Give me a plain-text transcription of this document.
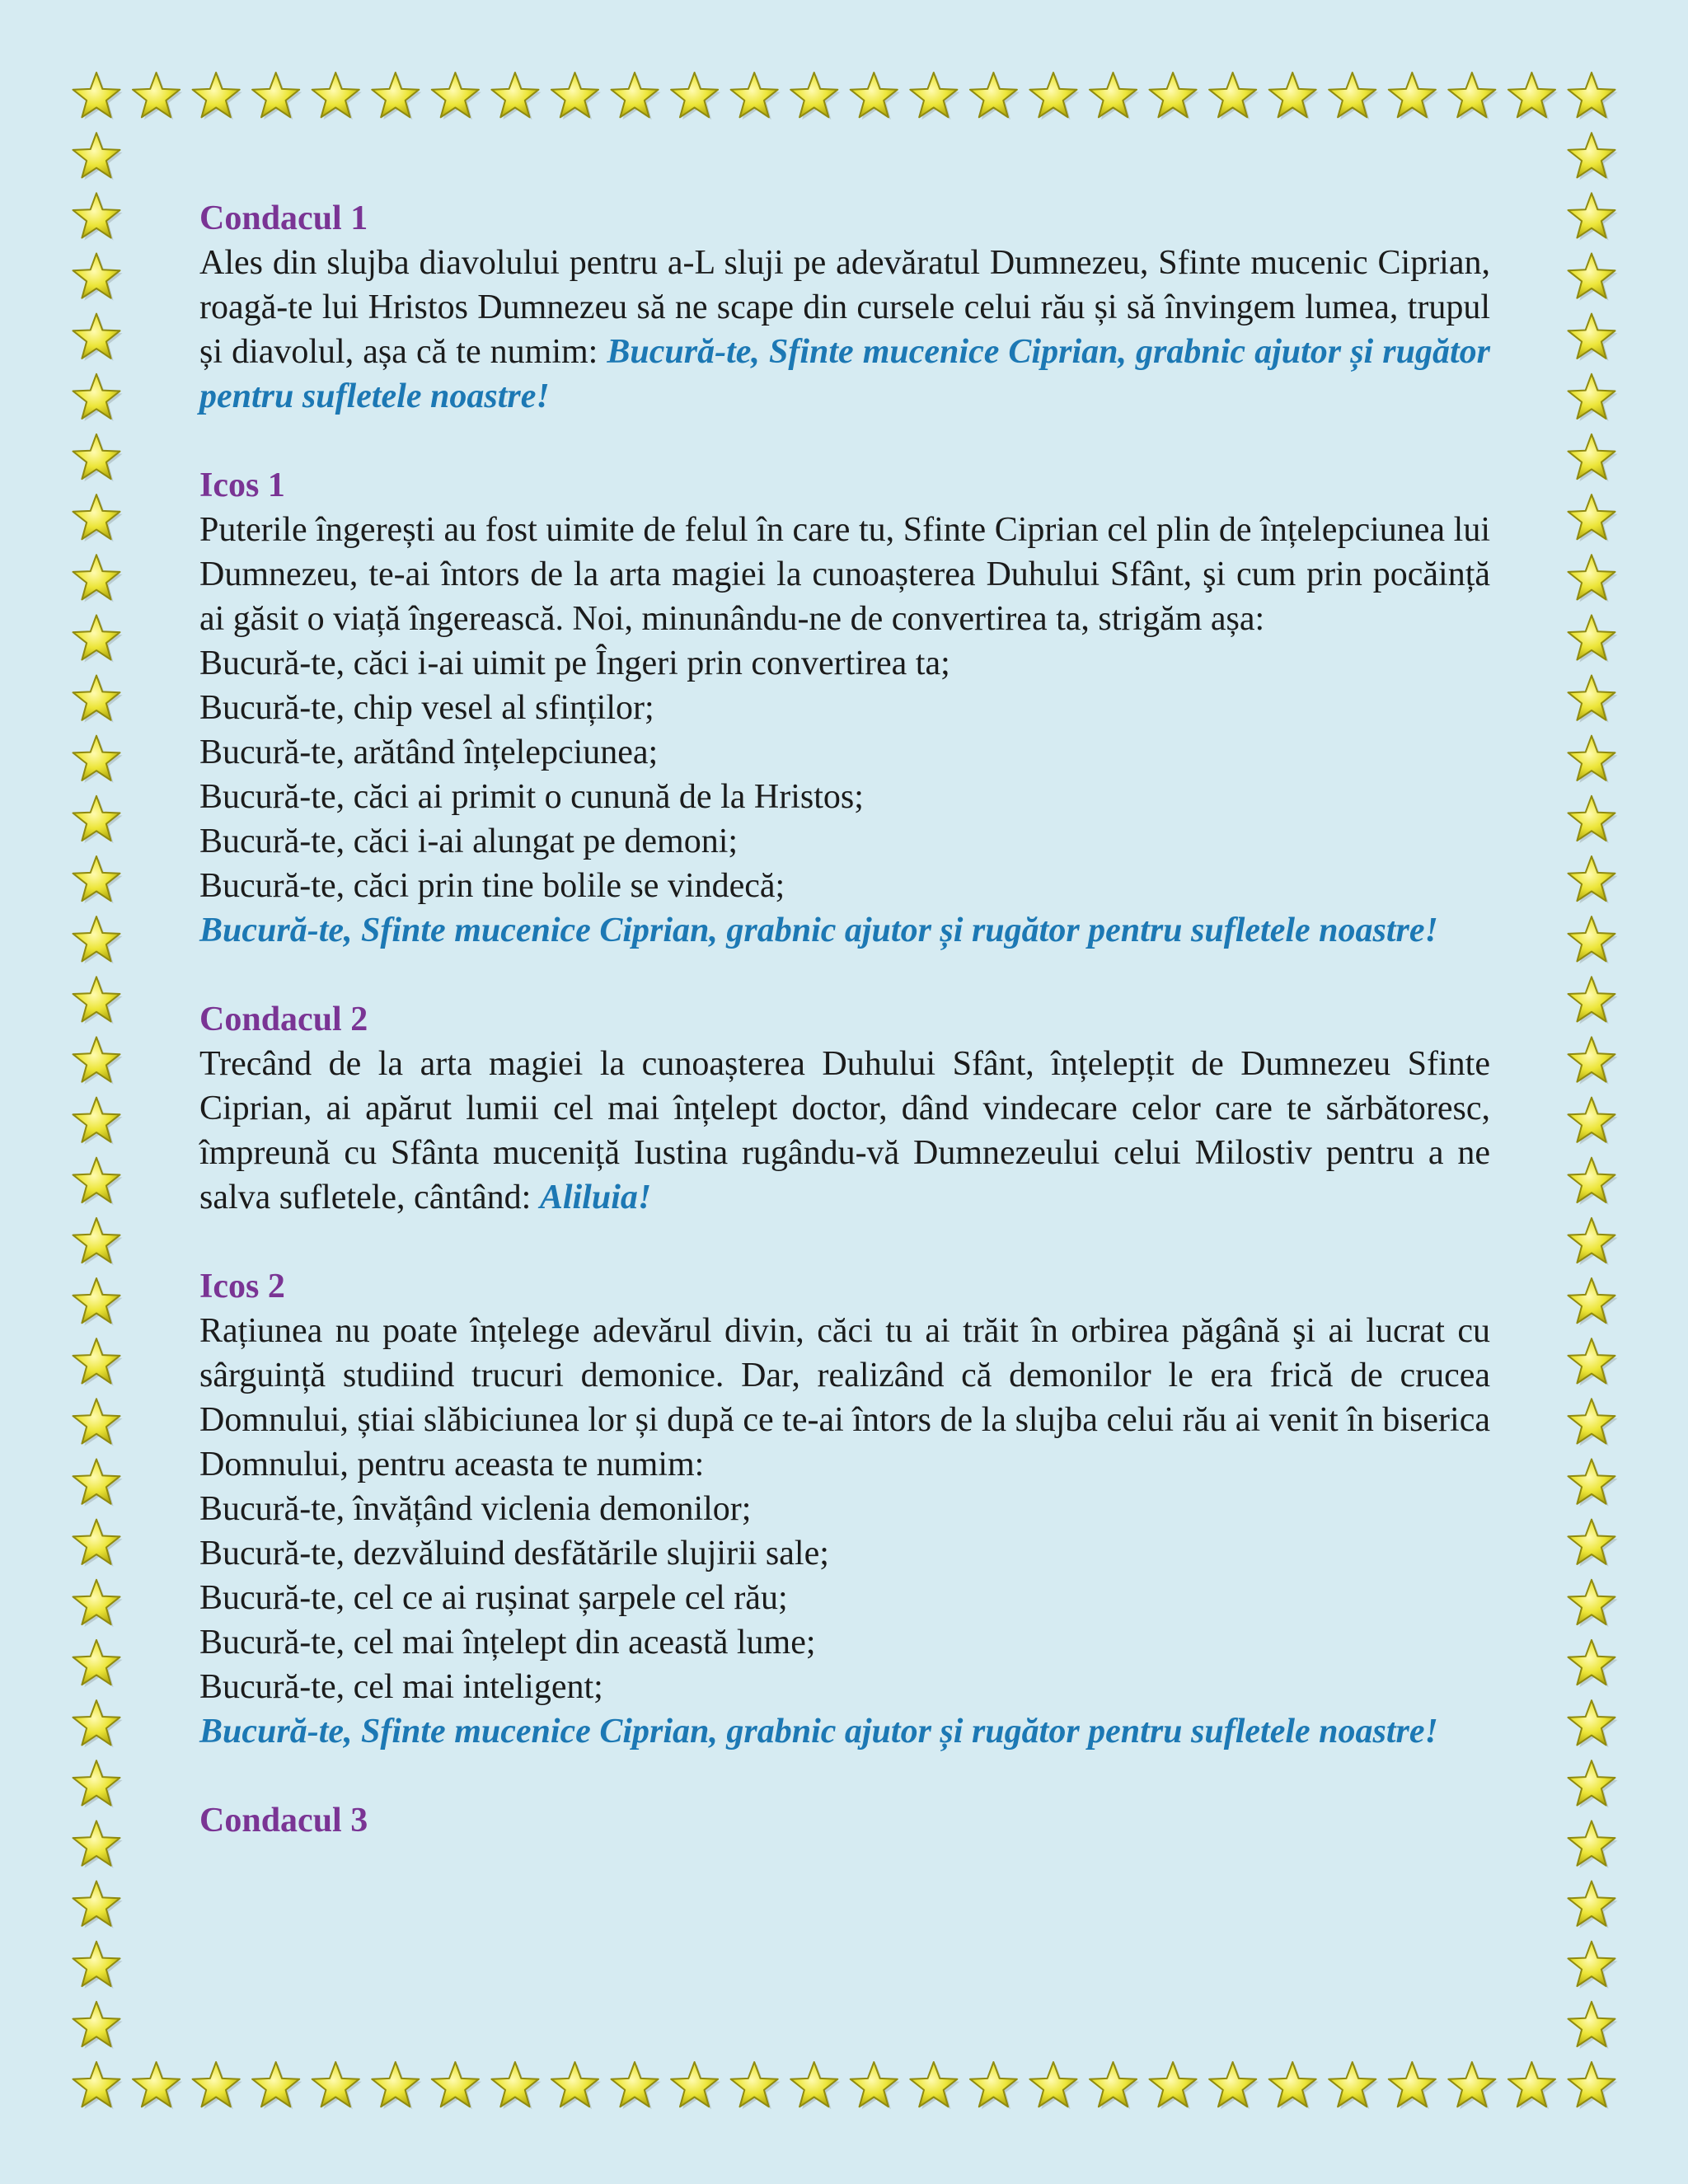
Condacul 1

Ales din slujba diavolului pentru a-L sluji pe adevăratul Dumnezeu, Sfinte mucenic Ciprian, roagă-te lui Hristos Dumnezeu să ne scape din cursele celui rău și să învingem lumea, trupul și diavolul, așa că te numim: Bucură-te, Sfinte mucenice Ciprian, grabnic ajutor și rugător pentru sufletele noastre!

Icos 1

Puterile îngerești au fost uimite de felul în care tu, Sfinte Ciprian cel plin de înțelepciunea lui Dumnezeu, te-ai întors de la arta magiei la cunoașterea Duhului Sfânt, şi cum prin pocăință ai găsit o viață îngerească. Noi, minunându-ne de convertirea ta, strigăm așa:

Bucură-te, căci i-ai uimit pe Îngeri prin convertirea ta;

Bucură-te, chip vesel al sfinților;

Bucură-te, arătând înțelepciunea;

Bucură-te, căci ai primit o cunună de la Hristos;

Bucură-te, căci i-ai alungat pe demoni;

Bucură-te, căci prin tine bolile se vindecă;

Bucură-te, Sfinte mucenice Ciprian, grabnic ajutor și rugător pentru sufletele noastre!

Condacul 2

Trecând de la arta magiei la cunoașterea Duhului Sfânt, înțelepțit de Dumnezeu Sfinte Ciprian, ai apărut lumii cel mai înțelept doctor, dând vindecare celor care te sărbătoresc, împreună cu Sfânta muceniță Iustina rugându-vă Dumnezeului celui Milostiv pentru a ne salva sufletele, cântând: Aliluia!

Icos 2

Rațiunea nu poate înțelege adevărul divin, căci tu ai trăit în orbirea păgână şi ai lucrat cu sârguință studiind trucuri demonice. Dar, realizând că demonilor le era frică de crucea Domnului, știai slăbiciunea lor și după ce te-ai întors de la slujba celui rău ai venit în biserica Domnului, pentru aceasta te numim:

Bucură-te, învățând viclenia demonilor;

Bucură-te, dezvăluind desfătările slujirii sale;

Bucură-te, cel ce ai rușinat șarpele cel rău;

Bucură-te, cel mai înțelept din această lume;

Bucură-te, cel mai inteligent;

Bucură-te, Sfinte mucenice Ciprian, grabnic ajutor și rugător pentru sufletele noastre!

Condacul 3
